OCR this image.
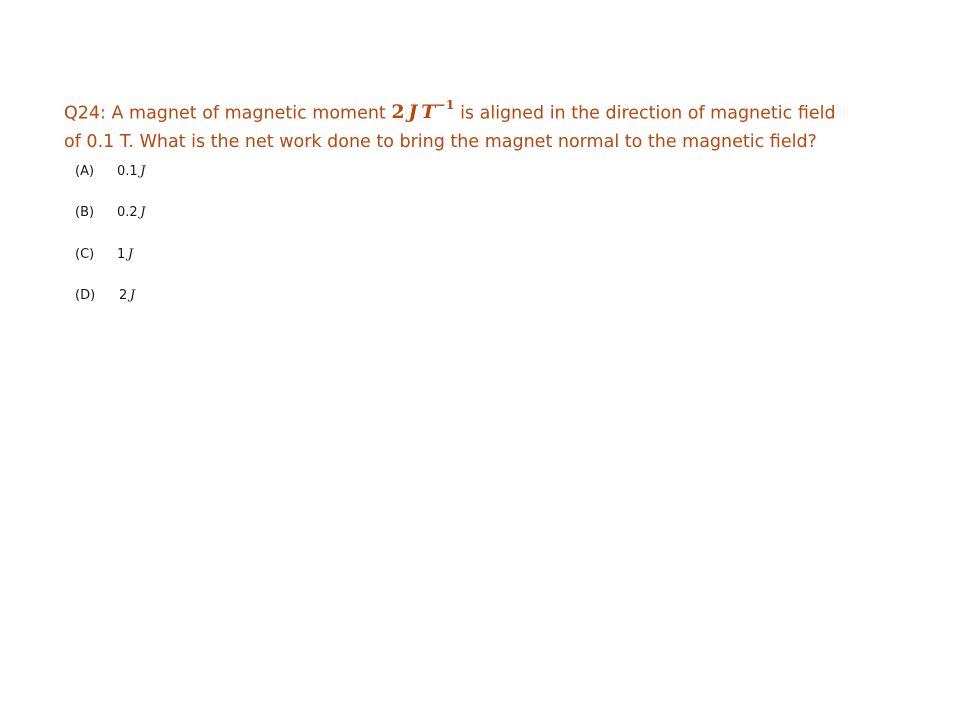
Q24: A magnet of magnetic moment 2  J  $T^{-1}$ is aligned in the direction of magnetic field
of 0.1 T. What is the net work done to bring the magnet normal to the magnetic field?
(A)	0.1  J
(B)	0.2  J
(C)	1  J
(D)	2  J
